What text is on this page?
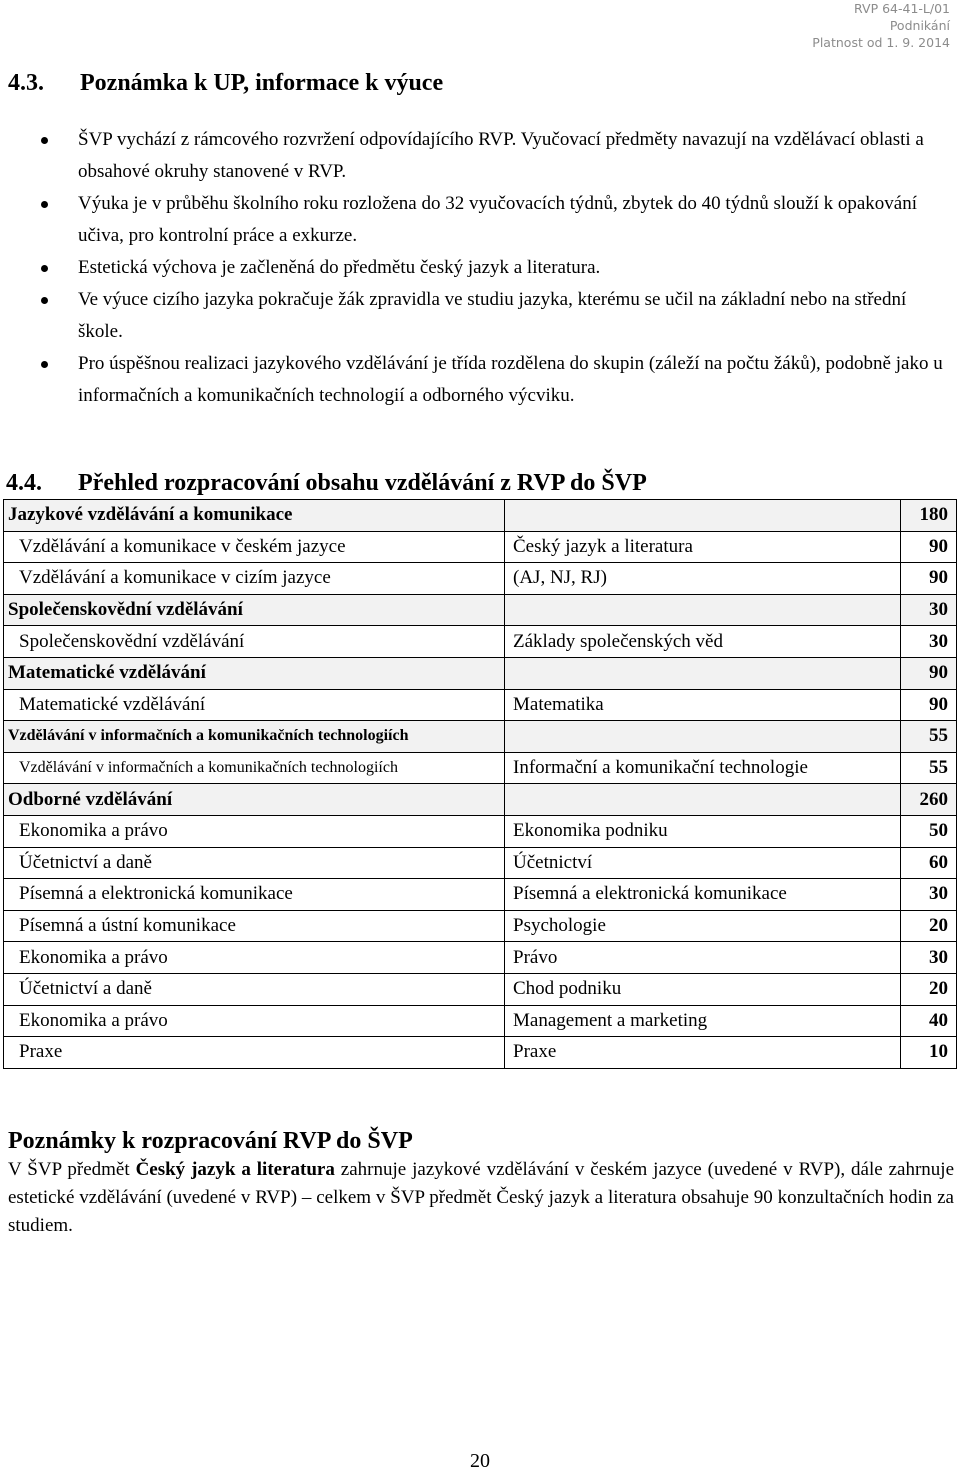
RVP 64-41-L/01
Podnikání
Platnost od 1. 9. 2014
4.3. Poznámka k UP, informace k výuce
ŠVP vychází z rámcového rozvržení odpovídajícího RVP. Vyučovací předměty navazují na vzdělávací oblasti a obsahové okruhy stanovené v RVP.
Výuka je v průběhu školního roku rozložena do 32 vyučovacích týdnů, zbytek do 40 týdnů slouží k opakování učiva, pro kontrolní práce a exkurze.
Estetická výchova je začleněná do předmětu český jazyk a literatura.
Ve výuce cizího jazyka pokračuje žák zpravidla ve studiu jazyka, kterému se učil na základní nebo na střední škole.
Pro úspěšnou realizaci jazykového vzdělávání je třída rozdělena do skupin (záleží na počtu žáků), podobně jako u informačních a komunikačních technologií a odborného výcviku.
4.4. Přehled rozpracování obsahu vzdělávání z RVP do ŠVP
Jazykové vzdělávání a komunikace		180
Vzdělávání a komunikace v českém jazyce	Český jazyk a literatura	90
Vzdělávání a komunikace v cizím jazyce	(AJ, NJ, RJ)	90
Společenskovědní vzdělávání		30
Společenskovědní vzdělávání	Základy společenských věd	30
Matematické vzdělávání		90
Matematické vzdělávání	Matematika	90
Vzdělávání v informačních a komunikačních technologiích		55
Vzdělávání v informačních a komunikačních technologiích	Informační a komunikační technologie	55
Odborné vzdělávání		260
Ekonomika a právo	Ekonomika podniku	50
Účetnictví a daně	Účetnictví	60
Písemná a elektronická komunikace	Písemná a elektronická komunikace	30
Písemná a ústní komunikace	Psychologie	20
Ekonomika a právo	Právo	30
Účetnictví a daně	Chod podniku	20
Ekonomika a právo	Management a marketing	40
Praxe	Praxe	10
Poznámky k rozpracování RVP do ŠVP

V ŠVP předmět Český jazyk a literatura zahrnuje jazykové vzdělávání v českém jazyce (uvedené v RVP), dále zahrnuje estetické vzdělávání (uvedené v RVP) – celkem v ŠVP předmět Český jazyk a literatura obsahuje 90 konzultačních hodin za studiem.

20
